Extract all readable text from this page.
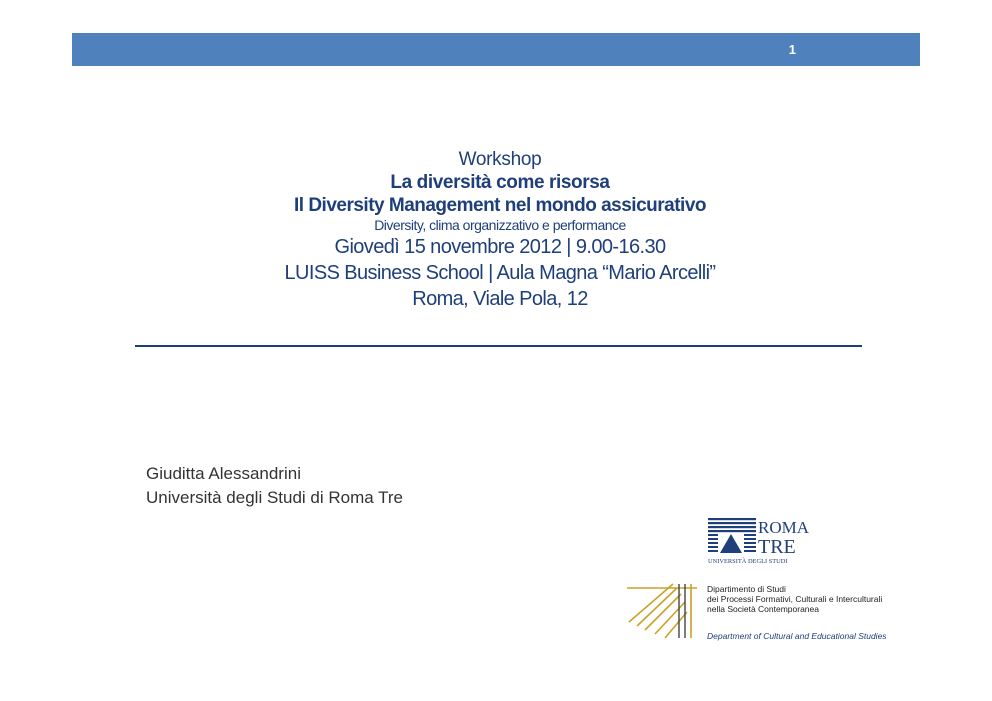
1
Workshop
La diversità come risorsa
Il Diversity Management nel mondo assicurativo
Diversity, clima organizzativo e performance
Giovedì 15 novembre 2012 | 9.00-16.30
LUISS Business School | Aula Magna “Mario Arcelli”
Roma, Viale Pola, 12
Giuditta Alessandrini
Università degli Studi di Roma Tre
ROMA
TRE
UNIVERSITÀ DEGLI STUDI
Dipartimento di Studi
dei Processi Formativi, Culturali e Interculturali
nella Società Contemporanea
Department of Cultural and Educational Studies
